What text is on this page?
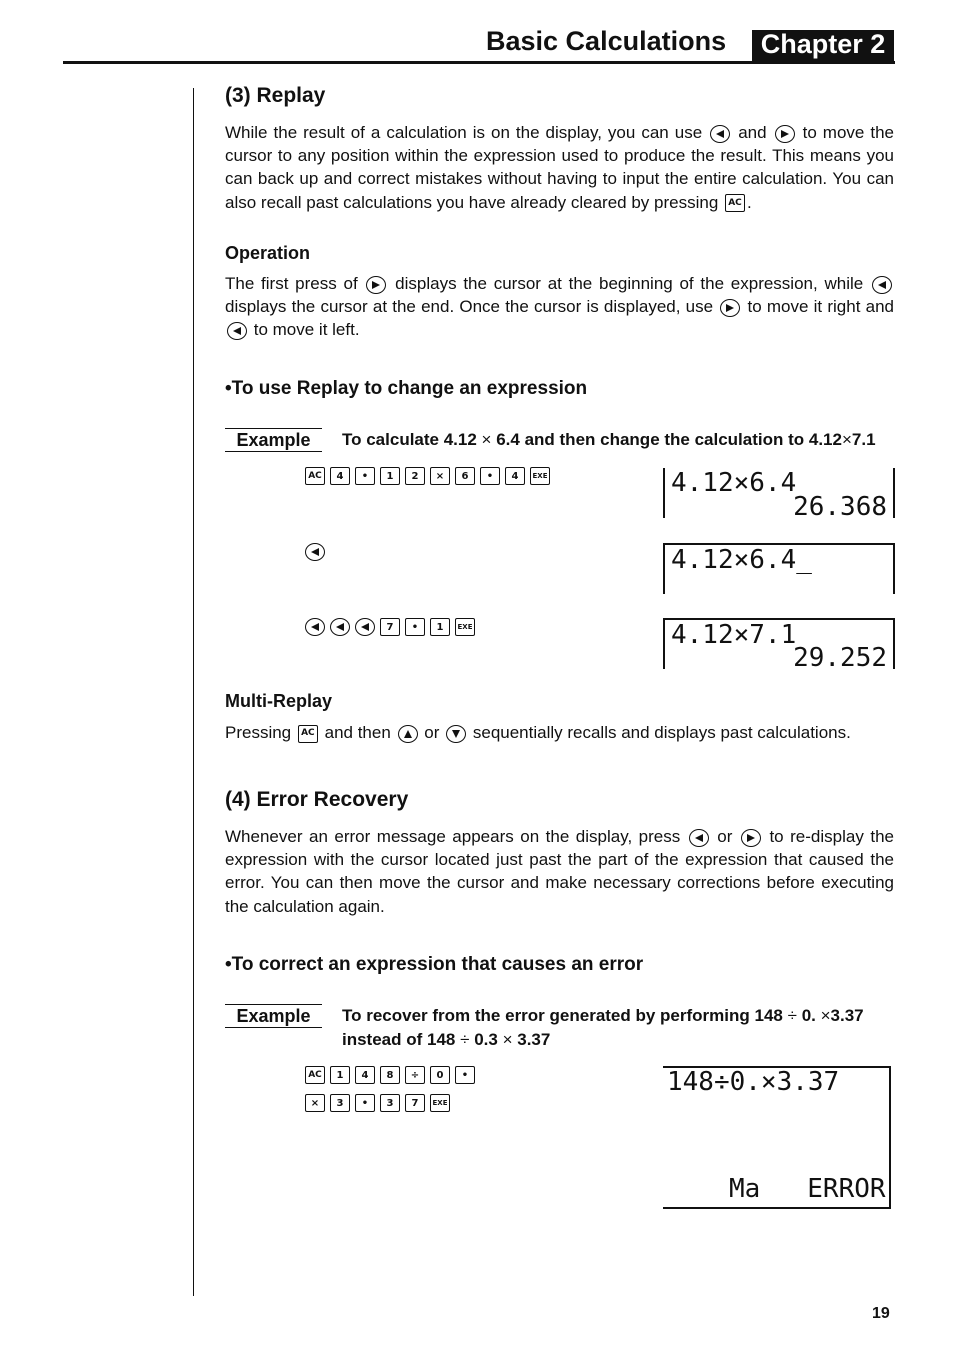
Basic Calculations	Chapter 2
(3) Replay

While the result of a calculation is on the display, you can use and to move the cursor to any position within the expression used to produce the result. This means you can back up and correct mistakes without having to input the entire calculation. You can also recall past calculations you have already cleared by pressing AC .

Operation

The first press of displays the cursor at the beginning of the expression, while
displays the cursor at the end. Once the cursor is displayed, use to move it right and
to move it left.

•To use Replay to change an expression
Example	To calculate 4.12 × 6.4 and then change the calculation to 4.12×7.1
AC	4	•	1	2	×	6	•	4	EXE	4.12×6.4
26.368
4.12×6.4_
7	•	1	EXE	4.12×7.1
29.252
Multi-Replay

Pressing AC and then or sequentially recalls and displays past calculations.

(4) Error Recovery

Whenever an error message appears on the display, press or to re-display the expression with the cursor located just past the part of the expression that caused the error. You can then move the cursor and make necessary corrections before executing the calculation again.

•To correct an expression that causes an error
Example	To recover from the error generated by performing 148 ÷ 0. ×3.37
instead of 148 ÷ 0.3 × 3.37
AC	1	4	8	÷	0	•
×	3	•	3	7	EXE
148÷0.×3.37
Ma   ERROR
19
